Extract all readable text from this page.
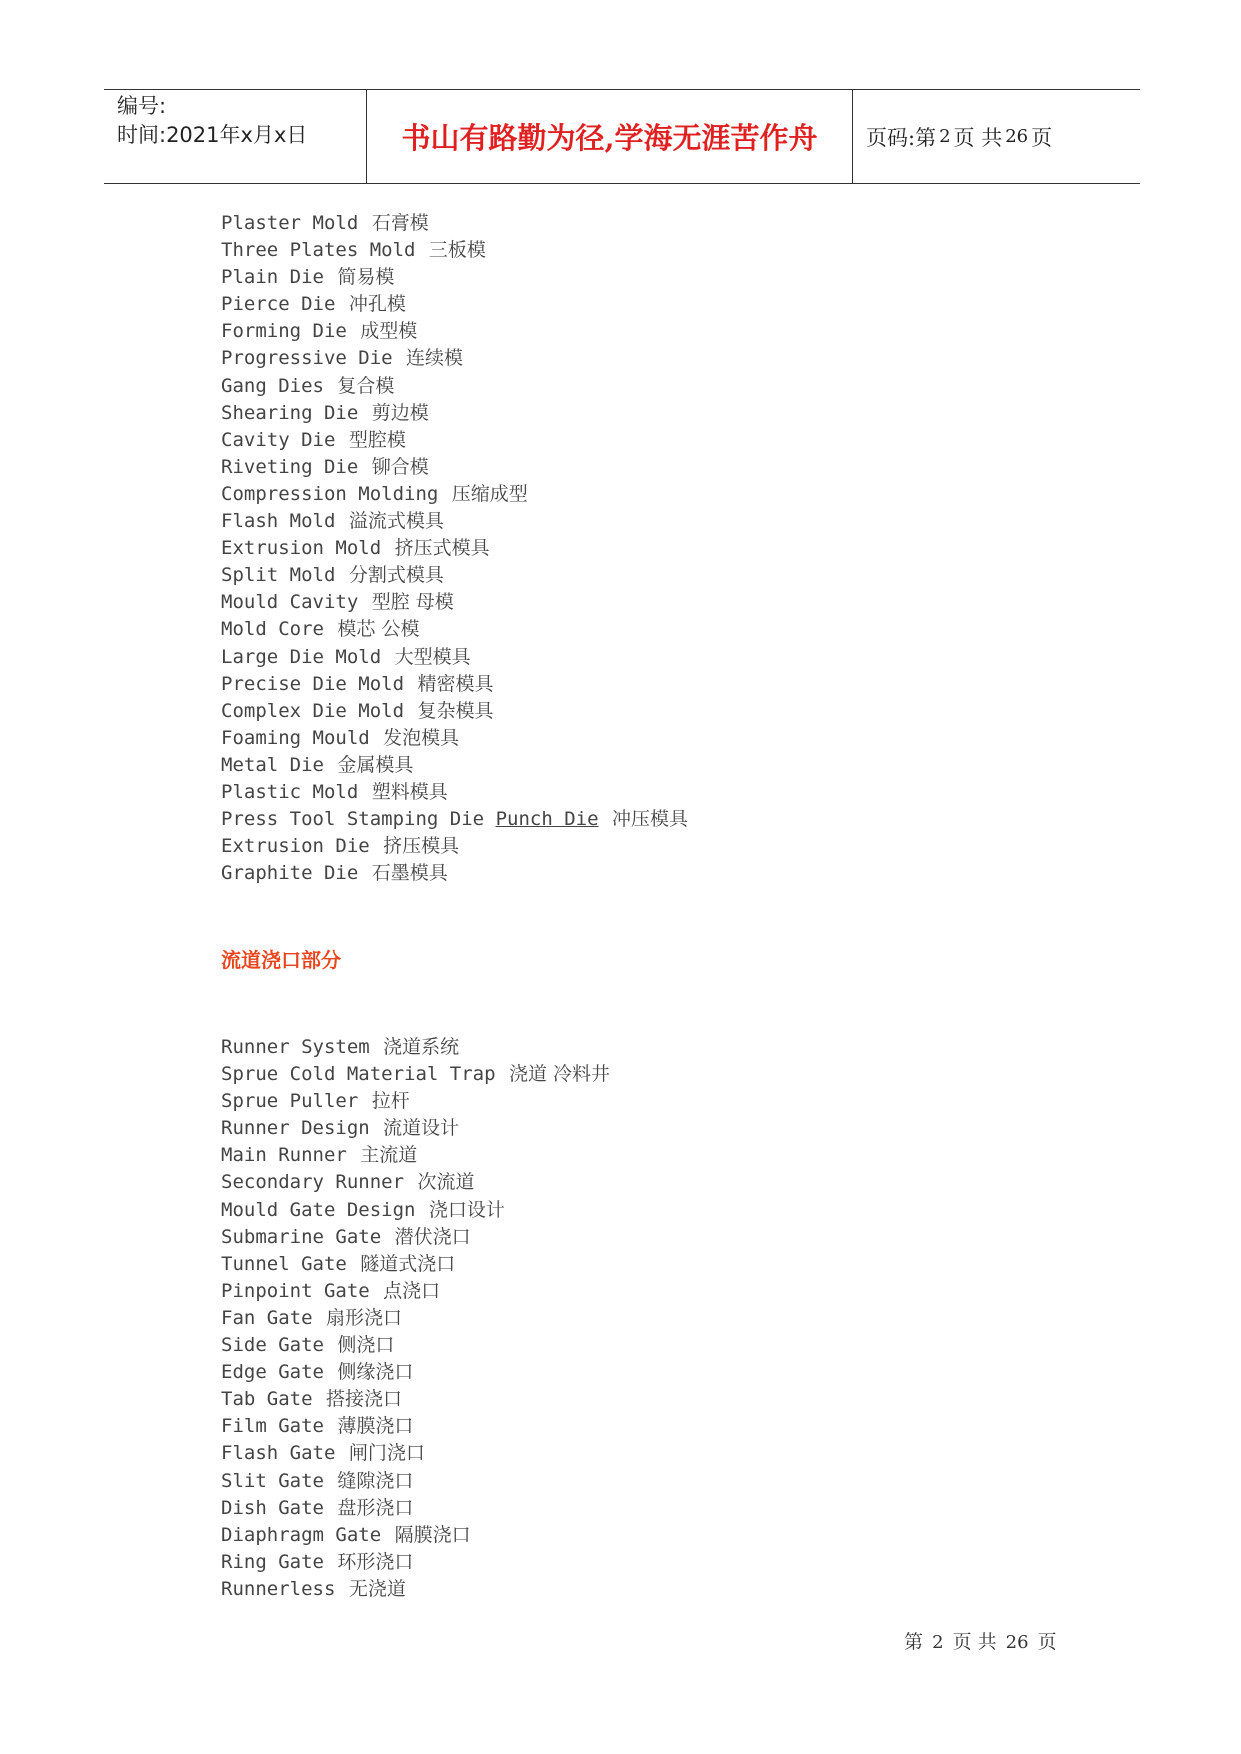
编号:
时间:2021年x月x日	书山有路勤为径,学海无涯苦作舟	页码:第 2 页 共 26 页
Plaster Mold 石膏模
Three Plates Mold 三板模
Plain Die 简易模
Pierce Die 冲孔模
Forming Die 成型模
Progressive Die 连续模
Gang Dies 复合模
Shearing Die 剪边模
Cavity Die 型腔模
Riveting Die 铆合模
Compression Molding 压缩成型
Flash Mold 溢流式模具
Extrusion Mold 挤压式模具
Split Mold 分割式模具
Mould Cavity 型腔 母模
Mold Core 模芯 公模
Large Die Mold 大型模具
Precise Die Mold 精密模具
Complex Die Mold 复杂模具
Foaming Mould 发泡模具
Metal Die 金属模具
Plastic Mold 塑料模具
Press Tool Stamping Die Punch Die 冲压模具
Extrusion Die 挤压模具
Graphite Die 石墨模具
流道浇口部分
Runner System 浇道系统
Sprue Cold Material Trap 浇道 冷料井
Sprue Puller 拉杆
Runner Design 流道设计
Main Runner 主流道
Secondary Runner 次流道
Mould Gate Design 浇口设计
Submarine Gate 潜伏浇口
Tunnel Gate 隧道式浇口
Pinpoint Gate 点浇口
Fan Gate 扇形浇口
Side Gate 侧浇口
Edge Gate 侧缘浇口
Tab Gate 搭接浇口
Film Gate 薄膜浇口
Flash Gate 闸门浇口
Slit Gate 缝隙浇口
Dish Gate 盘形浇口
Diaphragm Gate 隔膜浇口
Ring Gate 环形浇口
Runnerless 无浇道
第 2 页 共 26 页
